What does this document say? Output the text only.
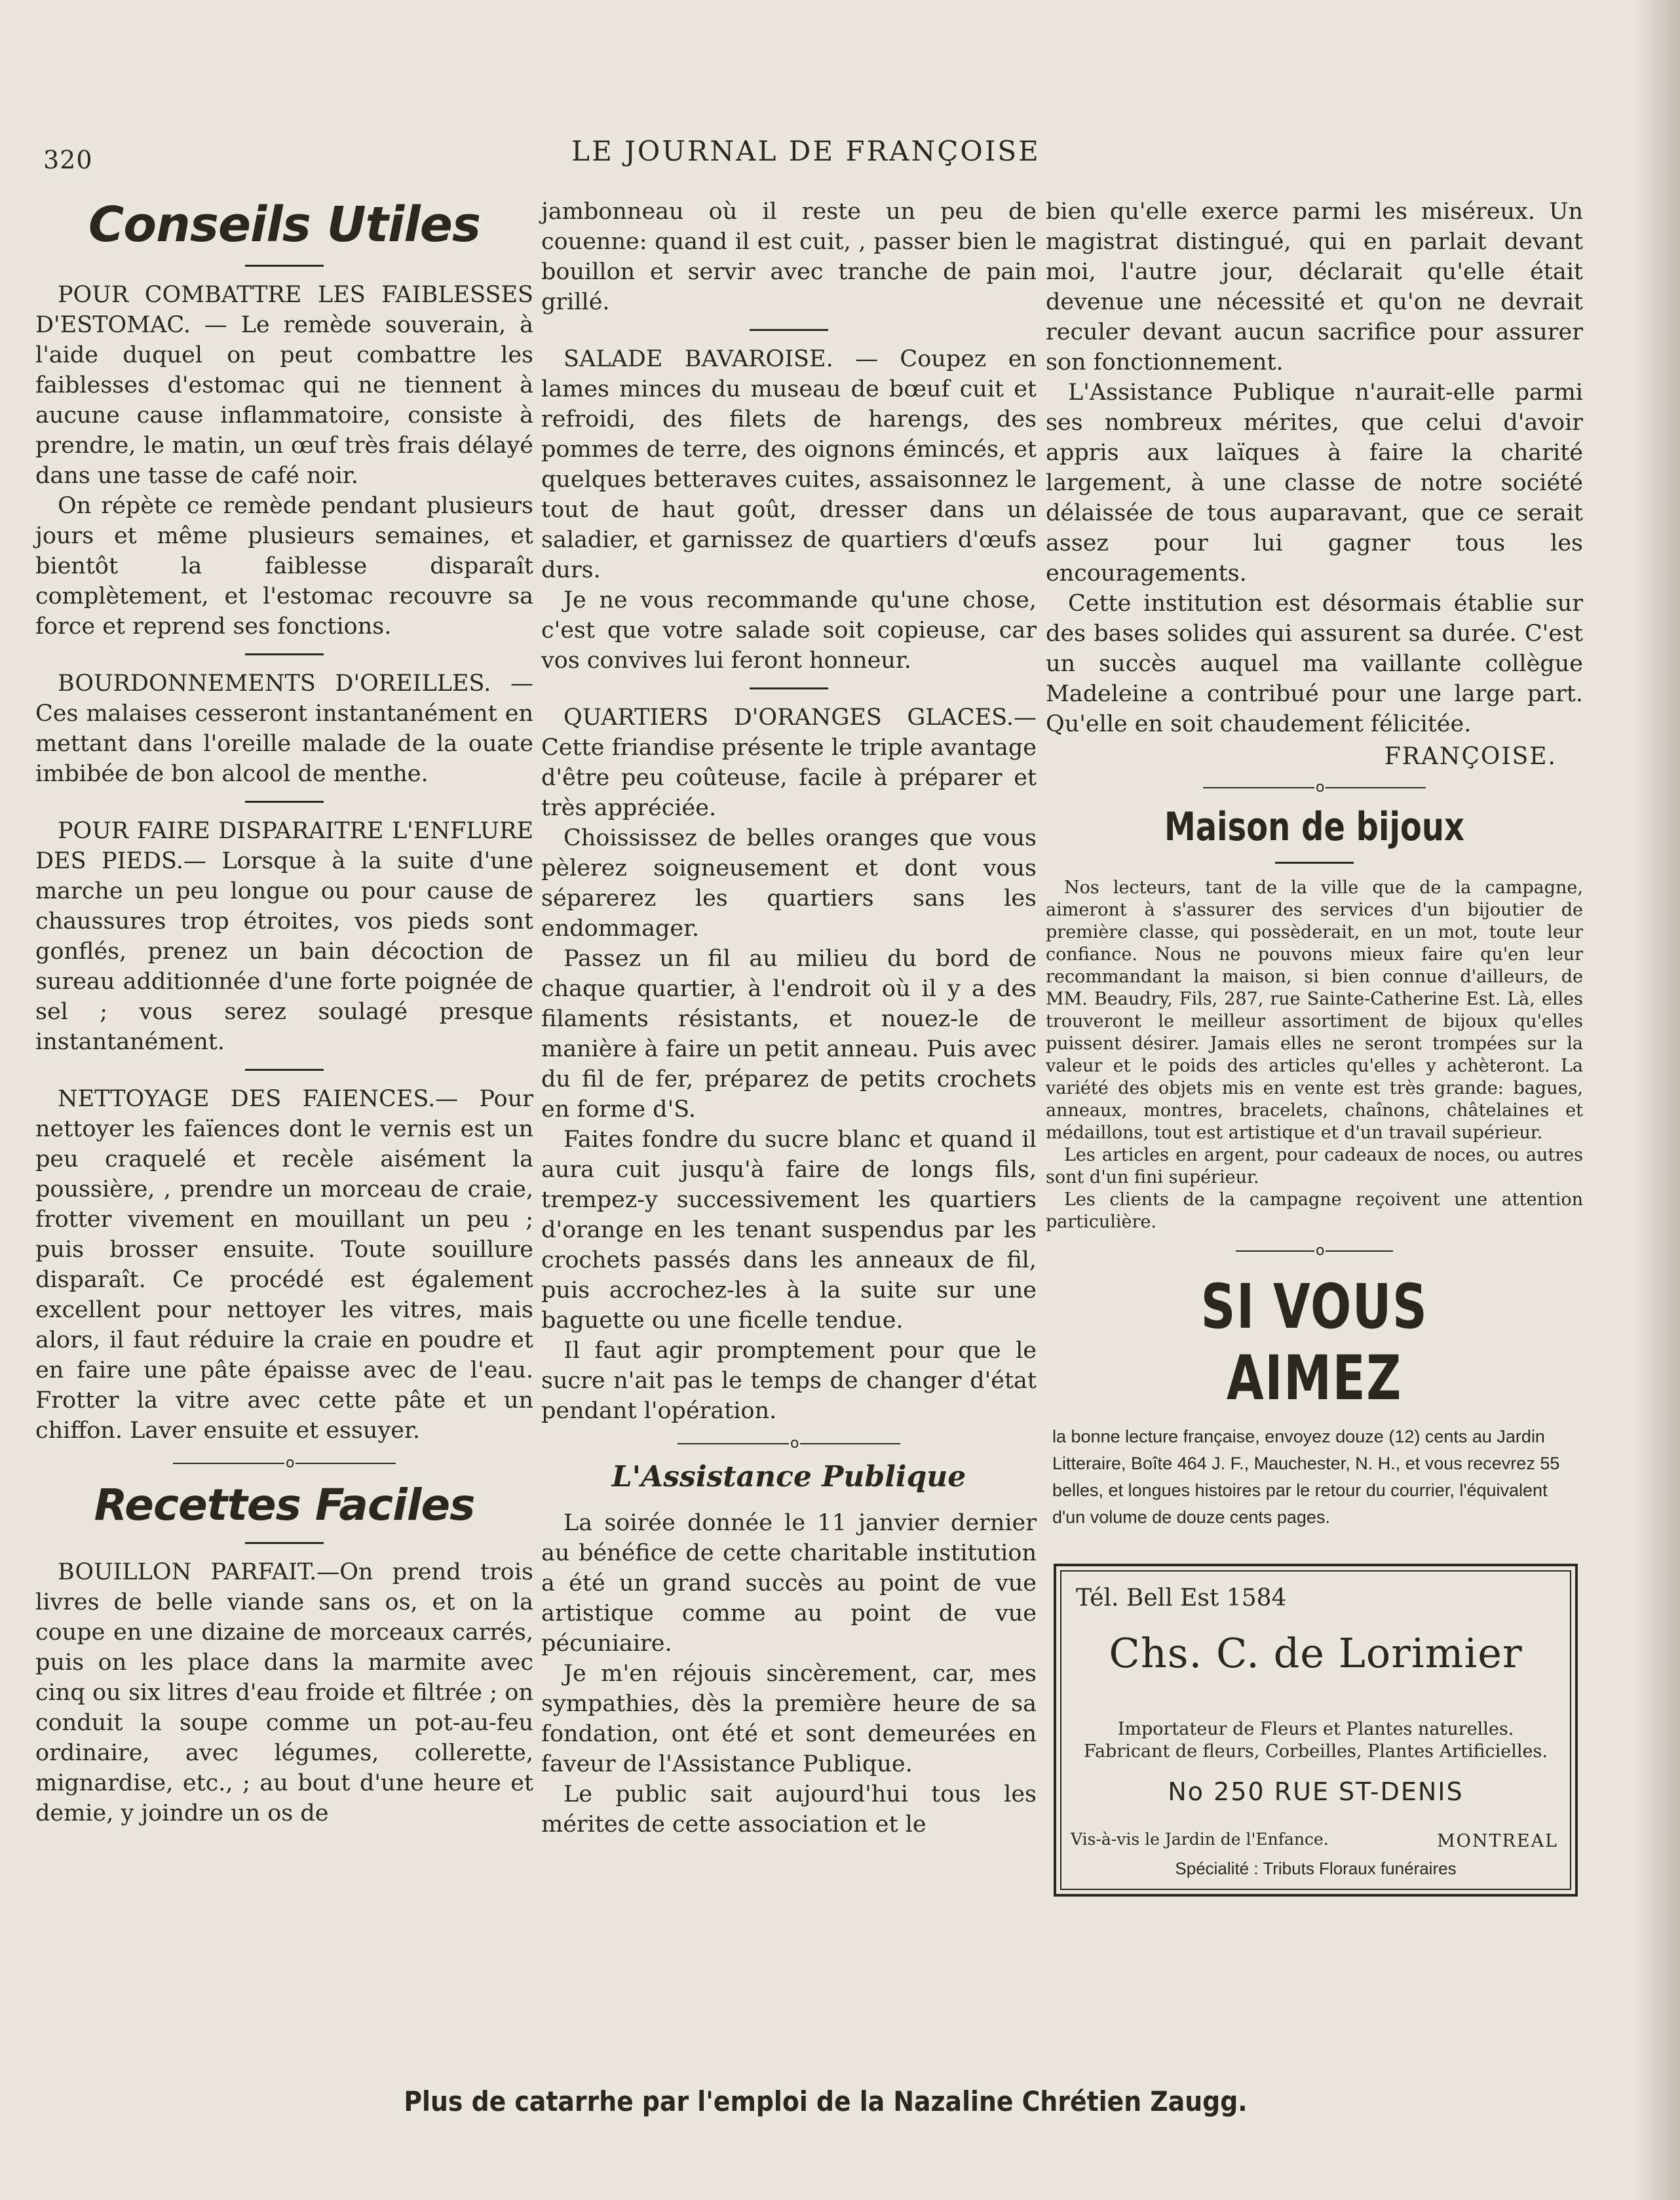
320	LE JOURNAL DE FRANÇOISE
Conseils Utiles

POUR COMBATTRE LES FAIBLESSES D'ESTOMAC. — Le remède souverain, à l'aide duquel on peut combattre les faiblesses d'estomac qui ne tiennent à aucune cause inflammatoire, consiste à prendre, le matin, un œuf très frais délayé dans une tasse de café noir.

On répète ce remède pendant plusieurs jours et même plusieurs semaines, et bientôt la faiblesse disparaît complètement, et l'estomac recouvre sa force et reprend ses fonctions.

BOURDONNEMENTS D'OREILLES. — Ces malaises cesseront instantanément en mettant dans l'oreille malade de la ouate imbibée de bon alcool de menthe.

POUR FAIRE DISPARAITRE L'ENFLURE DES PIEDS.— Lorsque à la suite d'une marche un peu longue ou pour cause de chaussures trop étroites, vos pieds sont gonflés, prenez un bain décoction de sureau additionnée d'une forte poignée de sel ; vous serez soulagé presque instantanément.

NETTOYAGE DES FAIENCES.— Pour nettoyer les faïences dont le vernis est un peu craquelé et recèle aisément la poussière, , prendre un morceau de craie, frotter vivement en mouillant un peu ; puis brosser ensuite. Toute souillure disparaît. Ce procédé est également excellent pour nettoyer les vitres, mais alors, il faut réduire la craie en poudre et en faire une pâte épaisse avec de l'eau. Frotter la vitre avec cette pâte et un chiffon. Laver ensuite et essuyer.

o
Recettes Faciles

BOUILLON PARFAIT.—On prend trois livres de belle viande sans os, et on la coupe en une dizaine de morceaux carrés, puis on les place dans la marmite avec cinq ou six litres d'eau froide et filtrée ; on conduit la soupe comme un pot-au-feu ordinaire, avec légumes, collerette, mignardise, etc., ; au bout d'une heure et demie, y joindre un os de

jambonneau où il reste un peu de couenne: quand il est cuit, , passer bien le bouillon et servir avec tranche de pain grillé.

SALADE BAVAROISE. — Coupez en lames minces du museau de bœuf cuit et refroidi, des filets de harengs, des pommes de terre, des oignons émincés, et quelques betteraves cuites, assaisonnez le tout de haut goût, dresser dans un saladier, et garnissez de quartiers d'œufs durs.

Je ne vous recommande qu'une chose, c'est que votre salade soit copieuse, car vos convives lui feront honneur.

QUARTIERS D'ORANGES GLACES.—Cette friandise présente le triple avantage d'être peu coûteuse, facile à préparer et très appréciée.

Choississez de belles oranges que vous pèlerez soigneusement et dont vous séparerez les quartiers sans les endommager.

Passez un fil au milieu du bord de chaque quartier, à l'endroit où il y a des filaments résistants, et nouez-le de manière à faire un petit anneau. Puis avec du fil de fer, préparez de petits crochets en forme d'S.

Faites fondre du sucre blanc et quand il aura cuit jusqu'à faire de longs fils, trempez-y successivement les quartiers d'orange en les tenant suspendus par les crochets passés dans les anneaux de fil, puis accrochez-les à la suite sur une baguette ou une ficelle tendue.

Il faut agir promptement pour que le sucre n'ait pas le temps de changer d'état pendant l'opération.

o
L'Assistance Publique

La soirée donnée le 11 janvier dernier au bénéfice de cette charitable institution a été un grand succès au point de vue artistique comme au point de vue pécuniaire.

Je m'en réjouis sincèrement, car, mes sympathies, dès la première heure de sa fondation, ont été et sont demeurées en faveur de l'Assistance Publique.

Le public sait aujourd'hui tous les mérites de cette association et le

bien qu'elle exerce parmi les miséreux. Un magistrat distingué, qui en parlait devant moi, l'autre jour, déclarait qu'elle était devenue une nécessité et qu'on ne devrait reculer devant aucun sacrifice pour assurer son fonctionnement.

L'Assistance Publique n'aurait-elle parmi ses nombreux mérites, que celui d'avoir appris aux laïques à faire la charité largement, à une classe de notre société délaissée de tous auparavant, que ce serait assez pour lui gagner tous les encouragements.

Cette institution est désormais établie sur des bases solides qui assurent sa durée. C'est un succès auquel ma vaillante collègue Madeleine a contribué pour une large part. Qu'elle en soit chaudement félicitée.

FRANÇOISE.
o
Maison de bijoux

Nos lecteurs, tant de la ville que de la campagne, aimeront à s'assurer des services d'un bijoutier de première classe, qui possèderait, en un mot, toute leur confiance. Nous ne pouvons mieux faire qu'en leur recommandant la maison, si bien connue d'ailleurs, de MM. Beaudry, Fils, 287, rue Sainte-Catherine Est. Là, elles trouveront le meilleur assortiment de bijoux qu'elles puissent désirer. Jamais elles ne seront trompées sur la valeur et le poids des articles qu'elles y achèteront. La variété des objets mis en vente est très grande: bagues, anneaux, montres, bracelets, chaînons, châtelaines et médaillons, tout est artistique et d'un travail supérieur.

Les articles en argent, pour cadeaux de noces, ou autres sont d'un fini supérieur.

Les clients de la campagne reçoivent une attention particulière.

o
SI VOUS AIMEZ

la bonne lecture française, envoyez douze (12) cents au Jardin Litteraire, Boîte 464 J. F., Mauchester, N. H., et vous recevrez 55 belles, et longues histoires par le retour du courrier, l'équivalent d'un volume de douze cents pages.

Tél. Bell Est 1584
Chs. C. de Lorimier
Importateur de Fleurs et Plantes naturelles. Fabricant de fleurs, Corbeilles, Plantes Artificielles.
No 250 RUE ST-DENIS
Vis-à-vis le Jardin de l'Enfance.	MONTREAL
Spécialité : Tributs Floraux funéraires
Plus de catarrhe par l'emploi de la Nazaline Chrétien Zaugg.
